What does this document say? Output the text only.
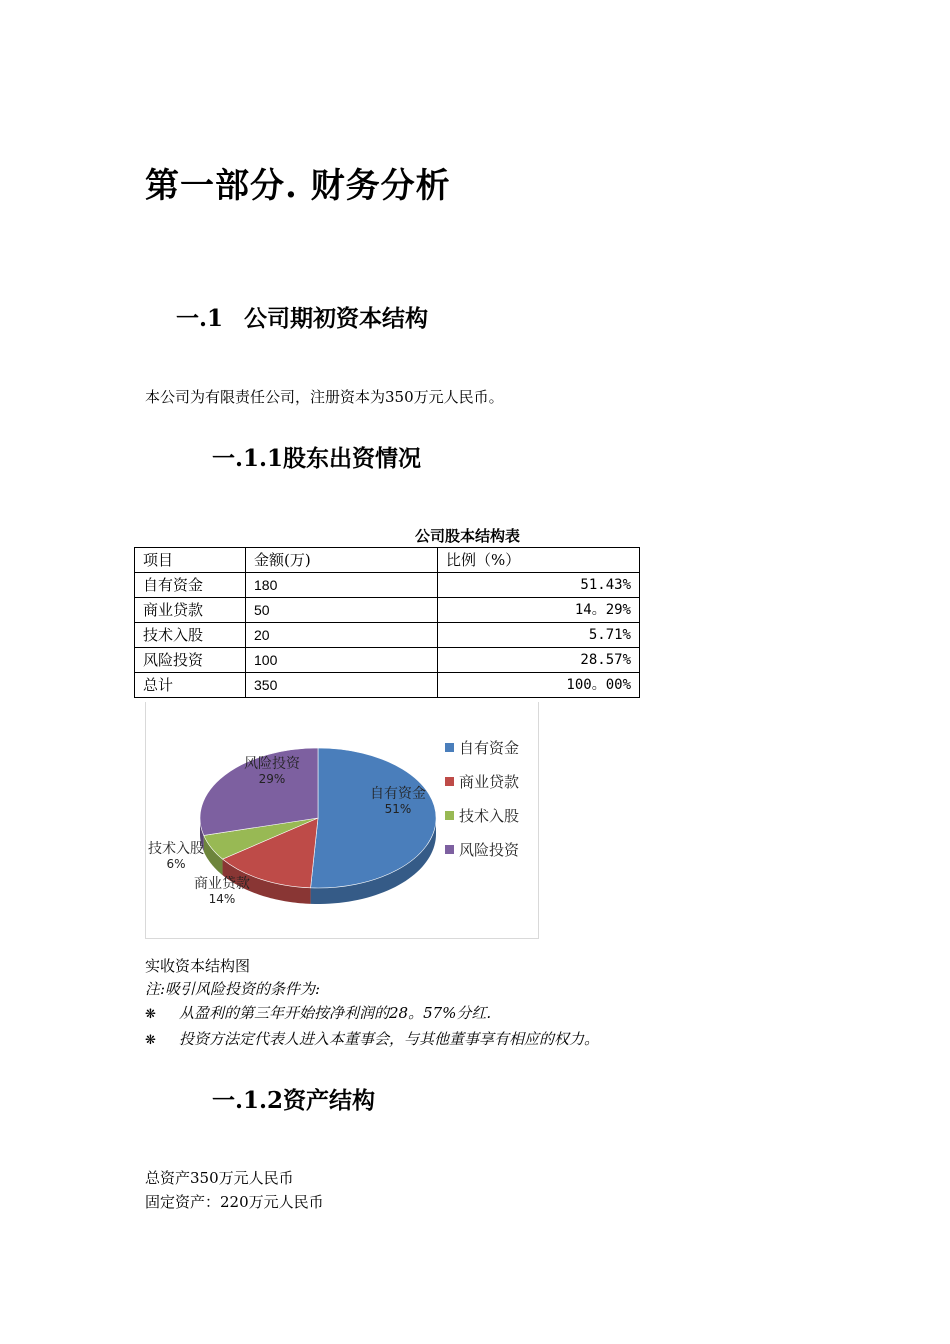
第一部分. 财务分析
一.1 公司期初资本结构
本公司为有限责任公司，注册资本为350万元人民币。
一.1.1股东出资情况
公司股本结构表
项目	金额(万)	比例（%）
自有资金	180	51.43%
商业贷款	50	14。29%
技术入股	20	5.71%
风险投资	100	28.57%
总计	350	100。00%
自有资金
51%
商业贷款
14%
技术入股
6%
风险投资
29%
自有资金
商业贷款
技术入股
风险投资
实收资本结构图
注:吸引风险投资的条件为:
❋ 从盈利的第三年开始按净利润的28。57%分红.
❋ 投资方法定代表人进入本董事会，与其他董事享有相应的权力。
一.1.2资产结构
总资产350万元人民币
固定资产：220万元人民币
